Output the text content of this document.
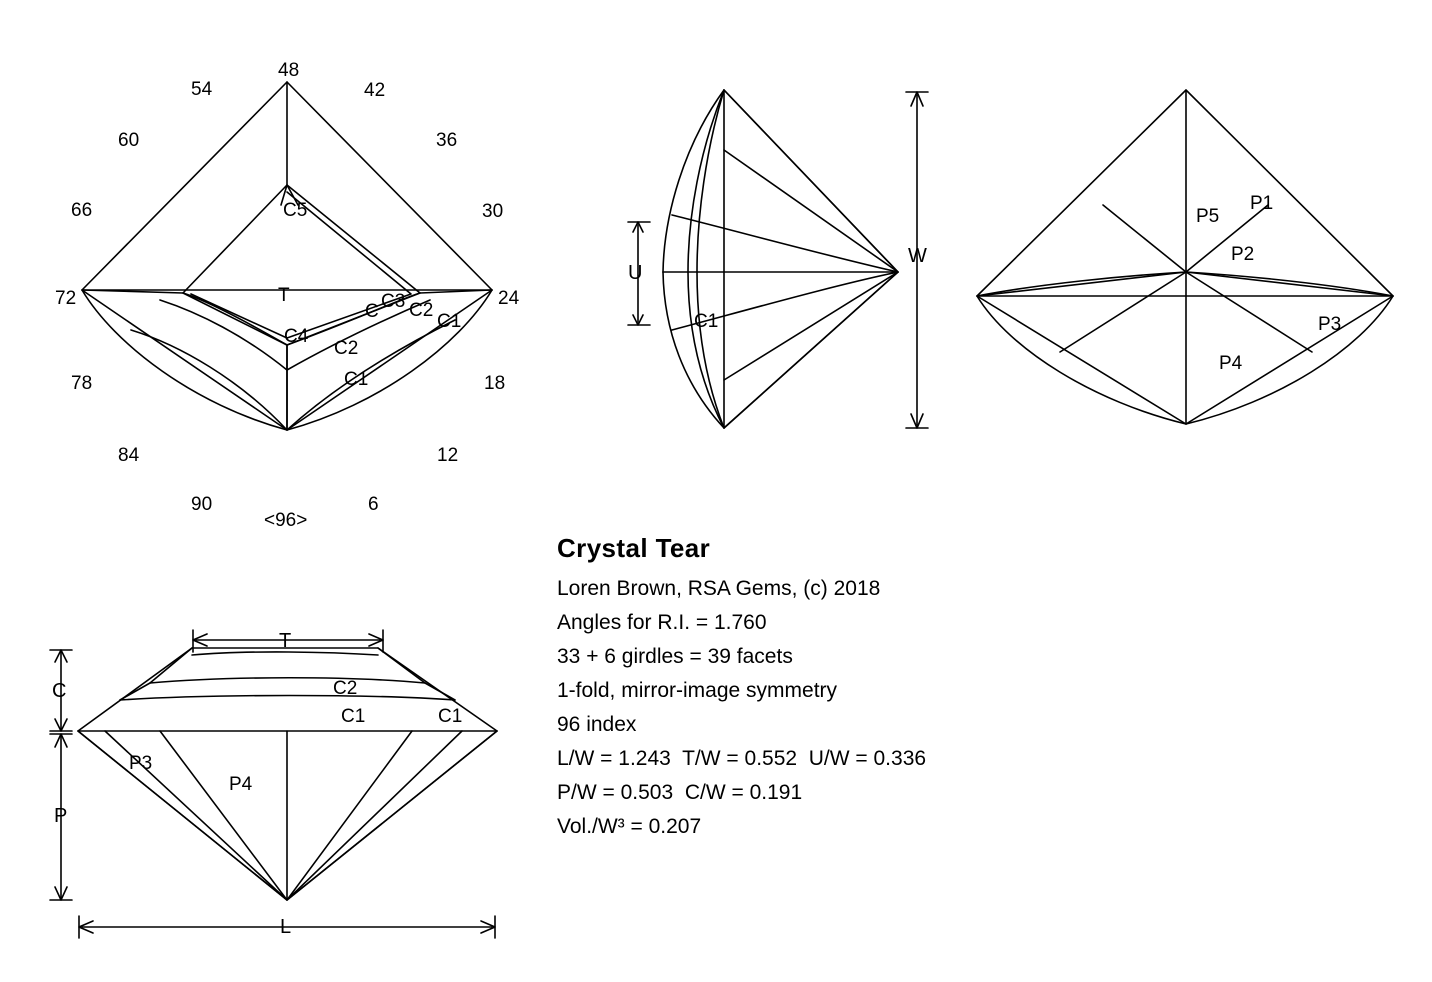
48
54	42
60	36
66	30
72	24
78	18
84	12
90	6
<96>
C5
T
C C3 C2
C1
C4
C2
C1
C1
U
W
P5
P1
P2
P3
P4
C2
C1	C1
P3
P4
T
C
P
L
Crystal Tear
Loren Brown, RSA Gems, (c) 2018
Angles for R.I. = 1.760
33 + 6 girdles = 39 facets
1-fold, mirror-image symmetry
96 index
L/W = 1.243  T/W = 0.552  U/W = 0.336
P/W = 0.503  C/W = 0.191
Vol./W³ = 0.207
